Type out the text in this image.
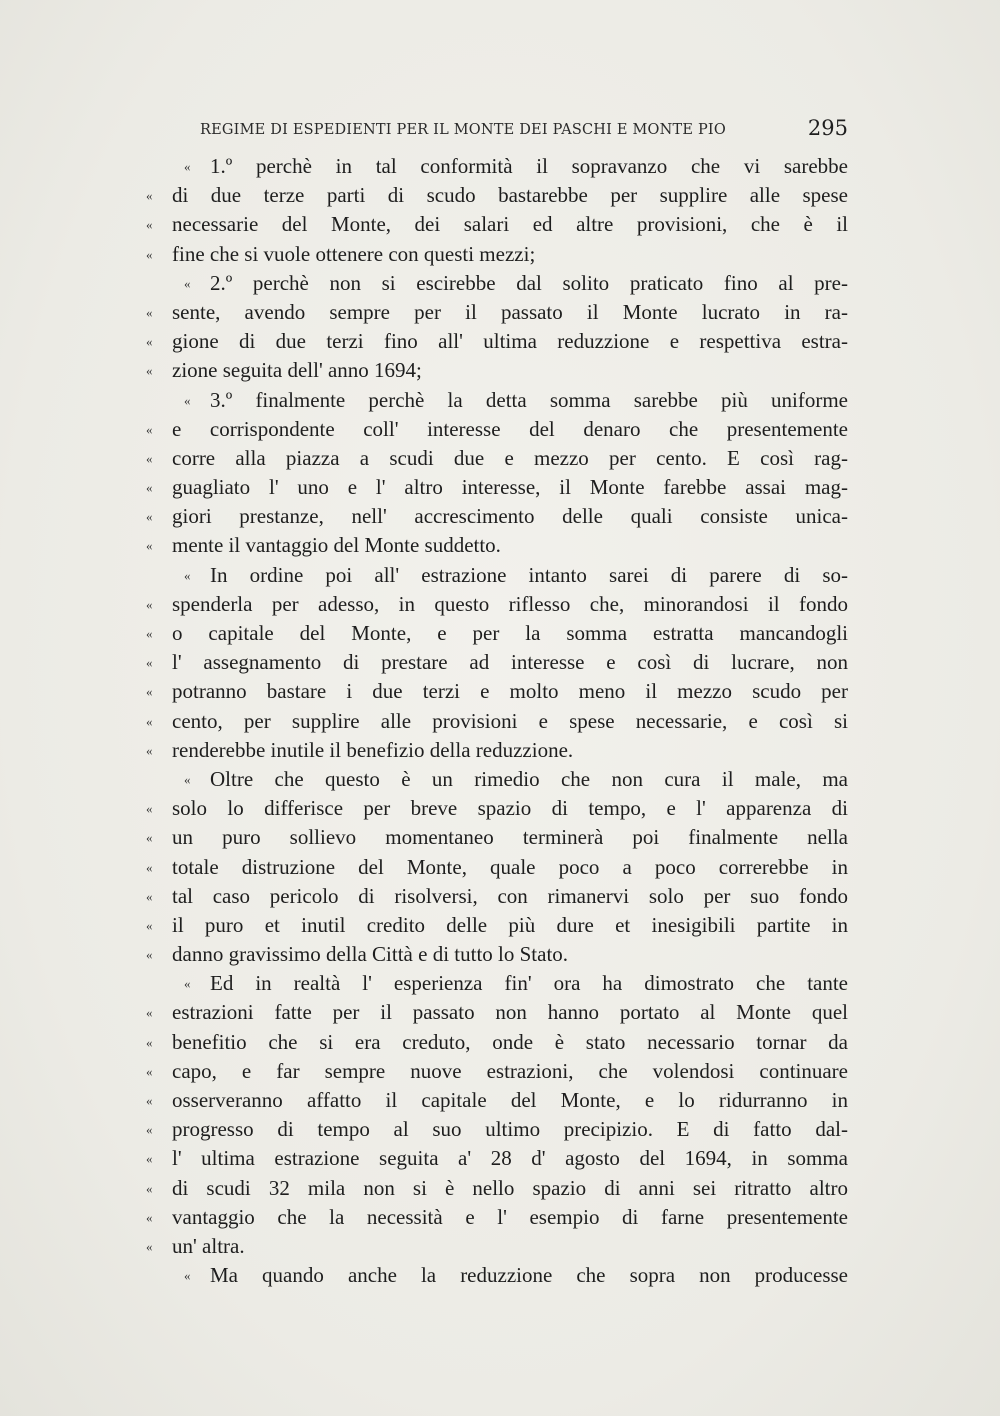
REGIME DI ESPEDIENTI PER IL MONTE DEI PASCHI E MONTE PIO	295
« 1.º perchè in tal conformità il sopravanzo che vi sarebbe
« di due terze parti di scudo bastarebbe per supplire alle spese
« necessarie del Monte, dei salari ed altre provisioni, che è il
« fine che si vuole ottenere con questi mezzi;
« 2.º perchè non si escirebbe dal solito praticato fino al pre-
« sente, avendo sempre per il passato il Monte lucrato in ra-
« gione di due terzi fino all' ultima reduzzione e respettiva estra-
« zione seguita dell' anno 1694;
« 3.º finalmente perchè la detta somma sarebbe più uniforme
« e corrispondente coll' interesse del denaro che presentemente
« corre alla piazza a scudi due e mezzo per cento. E così rag-
« guagliato l' uno e l' altro interesse, il Monte farebbe assai mag-
« giori prestanze, nell' accrescimento delle quali consiste unica-
« mente il vantaggio del Monte suddetto.
« In ordine poi all' estrazione intanto sarei di parere di so-
« spenderla per adesso, in questo riflesso che, minorandosi il fondo
« o capitale del Monte, e per la somma estratta mancandogli
« l' assegnamento di prestare ad interesse e così di lucrare, non
« potranno bastare i due terzi e molto meno il mezzo scudo per
« cento, per supplire alle provisioni e spese necessarie, e così si
« renderebbe inutile il benefizio della reduzzione.
« Oltre che questo è un rimedio che non cura il male, ma
« solo lo differisce per breve spazio di tempo, e l' apparenza di
« un puro sollievo momentaneo terminerà poi finalmente nella
« totale distruzione del Monte, quale poco a poco correrebbe in
« tal caso pericolo di risolversi, con rimanervi solo per suo fondo
« il puro et inutil credito delle più dure et inesigibili partite in
« danno gravissimo della Città e di tutto lo Stato.
« Ed in realtà l' esperienza fin' ora ha dimostrato che tante
« estrazioni fatte per il passato non hanno portato al Monte quel
« benefitio che si era creduto, onde è stato necessario tornar da
« capo, e far sempre nuove estrazioni, che volendosi continuare
« osserveranno affatto il capitale del Monte, e lo ridurranno in
« progresso di tempo al suo ultimo precipizio. E di fatto dal-
« l' ultima estrazione seguita a' 28 d' agosto del 1694, in somma
« di scudi 32 mila non si è nello spazio di anni sei ritratto altro
« vantaggio che la necessità e l' esempio di farne presentemente
« un' altra.
« Ma quando anche la reduzzione che sopra non producesse
